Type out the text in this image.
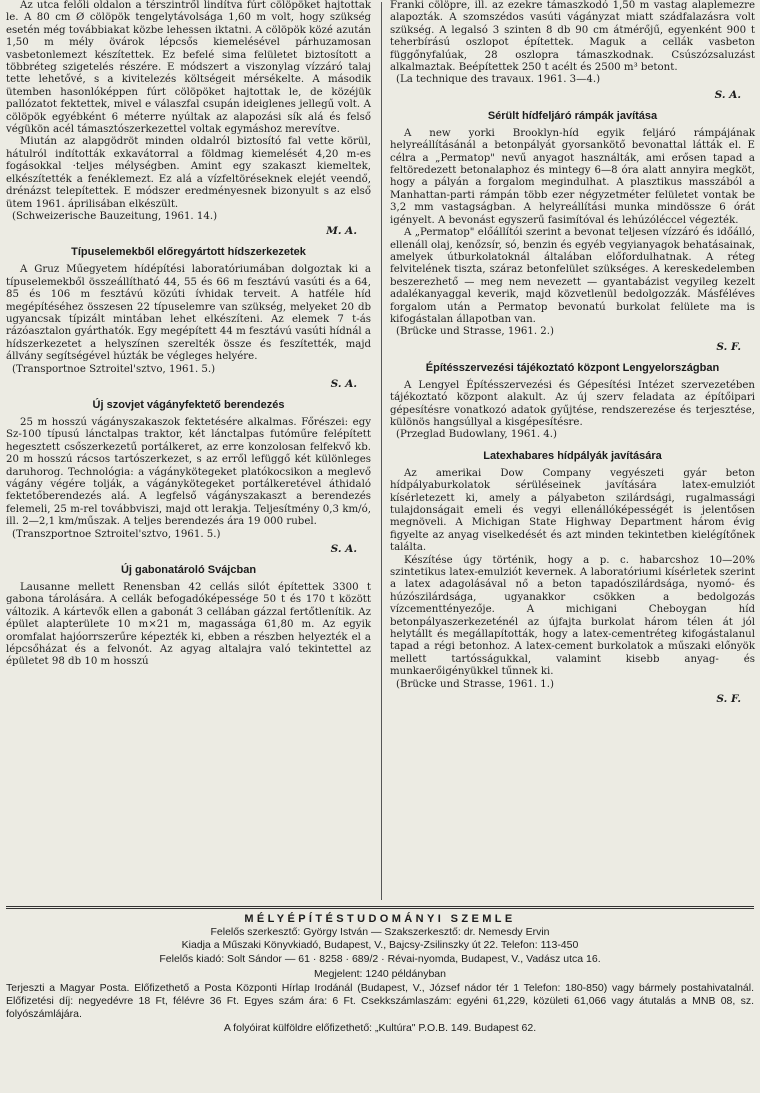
Az utca felőli oldalon a térszintről lindítva fúrt cölöpöket hajtottak le. A 80 cm Ø cölöpök tengelytávolsága 1,60 m volt, hogy szükség esetén még továbbiakat közbe lehessen iktatni. A cölöpök közé azután 1,50 m mély övárok lépcsős kiemelésével párhuzamosan vasbetonlemezt készítettek. Ez befelé sima felületet biztosított a többréteg szigetelés részére. E módszert a viszonylag vízzáró talaj tette lehetővé, s a kivitelezés költségeit mérsékelte. A második ütemben hasonlóképpen fúrt cölöpöket hajtottak le, de közéjük pallózatot fektettek, mivel e válaszfal csupán ideiglenes jellegű volt. A cölöpök egyébként 6 méterre nyúltak az alapozási sík alá és felső végükön acél támasztószerkezettel voltak egymáshoz merevítve.

Miután az alapgödröt minden oldalról biztosító fal vette körül, hátulról indították exkavátorral a földmag kiemelését 4,20 m-es fogásokkal ·teljes mélységben. Amint egy szakaszt kiemeltek, elkészítették a fenéklemezt. Ez alá a vízfeltöréseknek elejét veendő, drénázst telepítettek. E módszer eredményesnek bizonyult s az első ütem 1961. áprilisában elkészült.

(Schweizerische Bauzeitung, 1961. 14.)

M. A.
Típuselemekből előregyártott hídszerkezetek

A Gruz Műegyetem hídépítési laboratóriumában dolgoztak ki a típuselemekből összeállítható 44, 55 és 66 m fesztávú vasúti és a 64, 85 és 106 m fesztávú közúti ívhidak terveit. A hatféle híd megépítéséhez összesen 22 típuselemre van szükség, melyeket 20 db ugyancsak típizált mintában lehet elkészíteni. Az elemek 7 t-ás rázóasztalon gyárthatók. Egy megépített 44 m fesztávú vasúti hídnál a hídszerkezetet a helyszínen szerelték össze és feszítették, majd állvány segítségével húzták be végleges helyére.

(Transportnoe Sztroitel'sztvo, 1961. 5.)

S. A.
Új szovjet vágányfektető berendezés

25 m hosszú vágányszakaszok fektetésére alkalmas. Főrészei: egy Sz-100 típusú lánctalpas traktor, két lánctalpas futóműre felépített hegesztett csőszerkezetű portálkeret, az erre konzolosan felfekvő kb. 20 m hosszú rácsos tartószerkezet, s az erről lefüggő két különleges daruhorog. Technológia: a vágánykötegeket platókocsikon a meglevő vágány végére tolják, a vágánykötegeket portálkeretével áthidaló fektetőberendezés alá. A legfelső vágányszakaszt a berendezés felemeli, 25 m-rel továbbviszi, majd ott lerakja. Teljesítmény 0,3 km/ó, ill. 2—2,1 km/műszak. A teljes berendezés ára 19 000 rubel.

(Transzportnoe Sztroitel'sztvo, 1961. 5.)

S. A.
Új gabonatároló Svájcban

Lausanne mellett Renensban 42 cellás silót építettek 3300 t gabona tárolására. A cellák befogadóképessége 50 t és 170 t között változik. A kártevők ellen a gabonát 3 cellában gázzal fertőtlenítik. Az épület alapterülete 10 m×21 m, magassága 61,80 m. Az egyik oromfalat hajóorrszerűre képezték ki, ebben a részben helyezték el a lépcsőházat és a felvonót. Az agyag altalajra való tekintettel az épületet 98 db 10 m hosszú

Franki cölöpre, ill. az ezekre támaszkodó 1,50 m vastag alaplemezre alapozták. A szomszédos vasúti vágányzat miatt szádfalazásra volt szükség. A legalsó 3 szinten 8 db 90 cm átmérőjű, egyenként 900 t teherbírású oszlopot építettek. Maguk a cellák vasbeton függőnyfalúak, 28 oszlopra támaszkodnak. Csúszózsaluzást alkalmaztak. Beépítettek 250 t acélt és 2500 m³ betont.

(La technique des travaux. 1961. 3—4.)

S. A.
Sérült hídfeljáró rámpák javítása

A new yorki Brooklyn-híd egyik feljáró rámpájának helyreállításánál a betonpályát gyorsankötő bevonattal látták el. E célra a „Permatop" nevű anyagot használták, ami erősen tapad a feltöredezett betonalaphoz és mintegy 6—8 óra alatt annyira megköt, hogy a pályán a forgalom megindulhat. A plasztikus masszából a Manhattan-parti rámpán több ezer négyzetméter felületet vontak be 3,2 mm vastagságban. A helyreállítási munka mindössze 6 órát igényelt. A bevonást egyszerű fasimítóval és lehúzóléccel végezték.

A „Permatop" előállítói szerint a bevonat teljesen vízzáró és időálló, ellenáll olaj, kenőzsír, só, benzin és egyéb vegyianyagok behatásainak, amelyek útburkolatoknál általában előfordulhatnak. A réteg felvitelének tiszta, száraz betonfelület szükséges. A kereskedelemben beszerezhető — meg nem nevezett — gyantabázist vegyileg kezelt adalékanyaggal keverik, majd közvetlenül bedolgozzák. Másféléves forgalom után a Permatop bevonatú burkolat felülete ma is kifogástalan állapotban van.

(Brücke und Strasse, 1961. 2.)

S. F.
Építésszervezési tájékoztató központ Lengyelországban

A Lengyel Építésszervezési és Gépesítési Intézet szervezetében tájékoztató központ alakult. Az új szerv feladata az építőipari gépesítésre vonatkozó adatok gyűjtése, rendszerezése és terjesztése, különös hangsúllyal a kisgépesítésre.

(Przeglad Budowlany, 1961. 4.)

Latexhabares hídpályák javítására

Az amerikai Dow Company vegyészeti gyár beton hídpályaburkolatok sérüléseinek javítására latex-emulziót kísérletezett ki, amely a pályabeton szilárdsági, rugalmassági tulajdonságait emeli és vegyi ellenállóképességét is jelentősen megnöveli. A Michigan State Highway Department három évig figyelte az anyag viselkedését és azt minden tekintetben kielégítőnek találta.

Készítése úgy történik, hogy a p. c. habarcshoz 10—20% szintetikus latex-emulziót kevernek. A laboratóriumi kísérletek szerint a latex adagolásával nő a beton tapadószilárdsága, nyomó- és húzószilárdsága, ugyanakkor csökken a bedolgozás vízcementtényezője. A michigani Cheboygan híd betonpályaszerkezeténél az újfajta burkolat három télen át jól helytállt és megállapították, hogy a latex-cementréteg kifogástalanul tapad a régi betonhoz. A latex-cement burkolatok a műszaki előnyök mellett tartósságukkal, valamint kisebb anyag- és munkaerőigényükkel tűnnek ki.

(Brücke und Strasse, 1961. 1.)

S. F.
MÉLYÉPÍTÉSTUDOMÁNYI SZEMLE
Felelős szerkesztő: György István — Szakszerkesztő: dr. Nemesdy Ervin
Kiadja a Műszaki Könyvkiadó, Budapest, V., Bajcsy-Zsilinszky út 22. Telefon: 113-450
Felelős kiadó: Solt Sándor — 61 · 8258 · 689/2 · Révai-nyomda, Budapest, V., Vadász utca 16.
Megjelent: 1240 példányban
Terjeszti a Magyar Posta. Előfizethető a Posta Központi Hírlap Irodánál (Budapest, V., József nádor tér 1 Telefon: 180-850) vagy bármely postahivatalnál. Előfizetési díj: negyedévre 18 Ft, félévre 36 Ft. Egyes szám ára: 6 Ft. Csekkszámlaszám: egyéni 61,229, közületi 61,066 vagy átutalás a MNB 08, sz. folyószámlájára.
A folyóirat külföldre előfizethető: „Kultúra" P.O.B. 149. Budapest 62.
